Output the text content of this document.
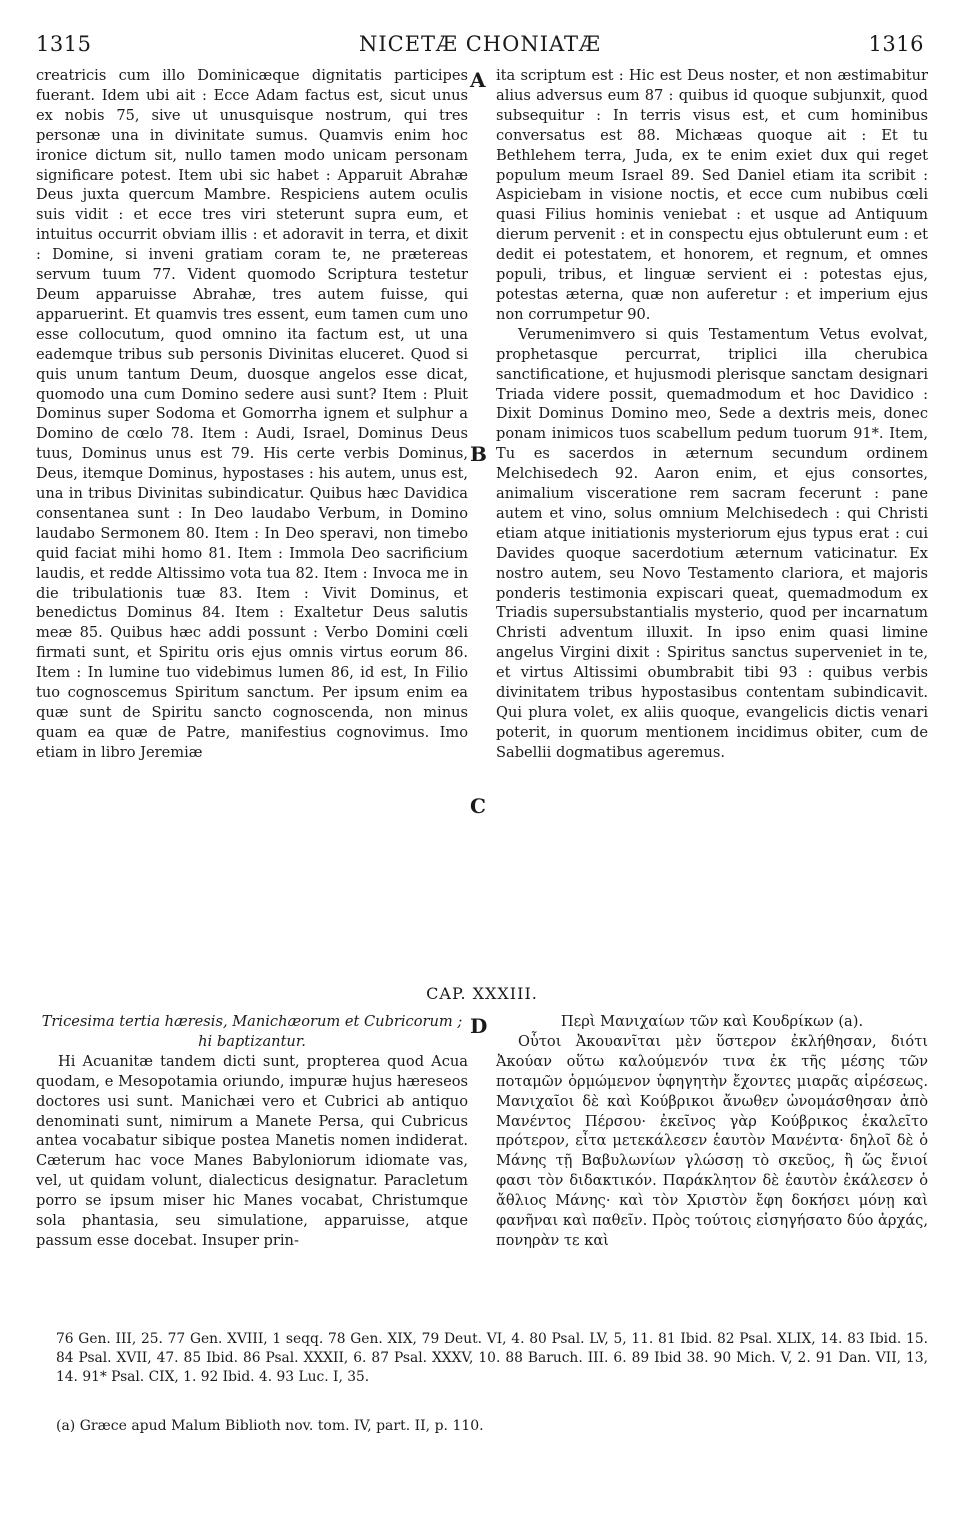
1315	NICETÆ CHONIATÆ	1316
A
B
C
D

creatricis cum illo Dominicæque dignitatis participes fuerant. Idem ubi ait : Ecce Adam factus est, sicut unus ex nobis 75, sive ut unusquisque nostrum, qui tres personæ una in divinitate sumus. Quamvis enim hoc ironice dictum sit, nullo tamen modo unicam personam significare potest. Item ubi sic habet : Apparuit Abrahæ Deus juxta quercum Mambre. Respiciens autem oculis suis vidit : et ecce tres viri steterunt supra eum, et intuitus occurrit obviam illis : et adoravit in terra, et dixit : Domine, si inveni gratiam coram te, ne prætereas servum tuum 77. Vident quomodo Scriptura testetur Deum apparuisse Abrahæ, tres autem fuisse, qui apparuerint. Et quamvis tres essent, eum tamen cum uno esse collocutum, quod omnino ita factum est, ut una eademque tribus sub personis Divinitas eluceret. Quod si quis unum tantum Deum, duosque angelos esse dicat, quomodo una cum Domino sedere ausi sunt? Item : Pluit Dominus super Sodoma et Gomorrha ignem et sulphur a Domino de cœlo 78. Item : Audi, Israel, Dominus Deus tuus, Dominus unus est 79. His certe verbis Dominus, Deus, itemque Dominus, hypostases : his autem, unus est, una in tribus Divinitas subindicatur. Quibus hæc Davidica consentanea sunt : In Deo laudabo Verbum, in Domino laudabo Sermonem 80. Item : In Deo speravi, non timebo quid faciat mihi homo 81. Item : Immola Deo sacrificium laudis, et redde Altissimo vota tua 82. Item : Invoca me in die tribulationis tuæ 83. Item : Vivit Dominus, et benedictus Dominus 84. Item : Exaltetur Deus salutis meæ 85. Quibus hæc addi possunt : Verbo Domini cœli firmati sunt, et Spiritu oris ejus omnis virtus eorum 86. Item : In lumine tuo videbimus lumen 86, id est, In Filio tuo cognoscemus Spiritum sanctum. Per ipsum enim ea quæ sunt de Spiritu sancto cognoscenda, non minus quam ea quæ de Patre, manifestius cognovimus. Imo etiam in libro Jeremiæ

ita scriptum est : Hic est Deus noster, et non æstimabitur alius adversus eum 87 : quibus id quoque subjunxit, quod subsequitur : In terris visus est, et cum hominibus conversatus est 88. Michæas quoque ait : Et tu Bethlehem terra, Juda, ex te enim exiet dux qui reget populum meum Israel 89. Sed Daniel etiam ita scribit : Aspiciebam in visione noctis, et ecce cum nubibus cœli quasi Filius hominis veniebat : et usque ad Antiquum dierum pervenit : et in conspectu ejus obtulerunt eum : et dedit ei potestatem, et honorem, et regnum, et omnes populi, tribus, et linguæ servient ei : potestas ejus, potestas æterna, quæ non auferetur : et imperium ejus non corrumpetur 90.

Verumenimvero si quis Testamentum Vetus evolvat, prophetasque percurrat, triplici illa cherubica sanctificatione, et hujusmodi plerisque sanctam designari Triada videre possit, quemadmodum et hoc Davidico : Dixit Dominus Domino meo, Sede a dextris meis, donec ponam inimicos tuos scabellum pedum tuorum 91*. Item, Tu es sacerdos in æternum secundum ordinem Melchisedech 92. Aaron enim, et ejus consortes, animalium visceratione rem sacram fecerunt : pane autem et vino, solus omnium Melchisedech : qui Christi etiam atque initiationis mysteriorum ejus typus erat : cui Davides quoque sacerdotium æternum vaticinatur. Ex nostro autem, seu Novo Testamento clariora, et majoris ponderis testimonia expiscari queat, quemadmodum ex Triadis supersubstantialis mysterio, quod per incarnatum Christi adventum illuxit. In ipso enim quasi limine angelus Virgini dixit : Spiritus sanctus superveniet in te, et virtus Altissimi obumbrabit tibi 93 : quibus verbis divinitatem tribus hypostasibus contentam subindicavit. Qui plura volet, ex aliis quoque, evangelicis dictis venari poterit, in quorum mentionem incidimus obiter, cum de Sabellii dogmatibus ageremus.

CAP. XXXIII.

Tricesima tertia hæresis, Manichæorum et Cubricorum ; hi baptizantur.

Hi Acuanitæ tandem dicti sunt, propterea quod Acua quodam, e Mesopotamia oriundo, impuræ hujus hæreseos doctores usi sunt. Manichæi vero et Cubrici ab antiquo denominati sunt, nimirum a Manete Persa, qui Cubricus antea vocabatur sibique postea Manetis nomen indiderat. Cæterum hac voce Manes Babyloniorum idiomate vas, vel, ut quidam volunt, dialecticus designatur. Paracletum porro se ipsum miser hic Manes vocabat, Christumque sola phantasia, seu simulatione, apparuisse, atque passum esse docebat. Insuper prin-

Περὶ Μανιχαίων τῶν καὶ Κουδρίκων (a).

Οὗτοι Ἀκουανῖται μὲν ὕστερον ἐκλήθησαν, διότι Ἀκούαν οὕτω καλούμενόν τινα ἐκ τῆς μέσης τῶν ποταμῶν ὁρμώμενον ὑφηγητὴν ἔχοντες μιαρᾶς αἱρέσεως. Μανιχαῖοι δὲ καὶ Κούβρικοι ἄνωθεν ὠνομάσθησαν ἀπὸ Μανέντος Πέρσου· ἐκεῖνος γὰρ Κούβρικος ἐκαλεῖτο πρότερον, εἶτα μετεκάλεσεν ἑαυτὸν Μανέντα· δηλοῖ δὲ ὁ Μάνης τῇ Βαβυλωνίων γλώσσῃ τὸ σκεῦος, ἢ ὥς ἔνιοί φασι τὸν διδακτικόν. Παράκλητον δὲ ἑαυτὸν ἐκάλεσεν ὁ ἄθλιος Μάνης· καὶ τὸν Χριστὸν ἔφη δοκήσει μόνῃ καὶ φανῆναι καὶ παθεῖν. Πρὸς τούτοις εἰσηγήσατο δύο ἀρχάς, πονηρὰν τε καὶ

76 Gen. III, 25. 77 Gen. XVIII, 1 seqq. 78 Gen. XIX, 79 Deut. VI, 4. 80 Psal. LV, 5, 11. 81 Ibid. 82 Psal. XLIX, 14. 83 Ibid. 15. 84 Psal. XVII, 47. 85 Ibid. 86 Psal. XXXII, 6. 87 Psal. XXXV, 10. 88 Baruch. III. 6. 89 Ibid 38. 90 Mich. V, 2. 91 Dan. VII, 13, 14. 91* Psal. CIX, 1. 92 Ibid. 4. 93 Luc. I, 35.

(a) Græce apud Malum Biblioth nov. tom. IV, part. II, p. 110.
